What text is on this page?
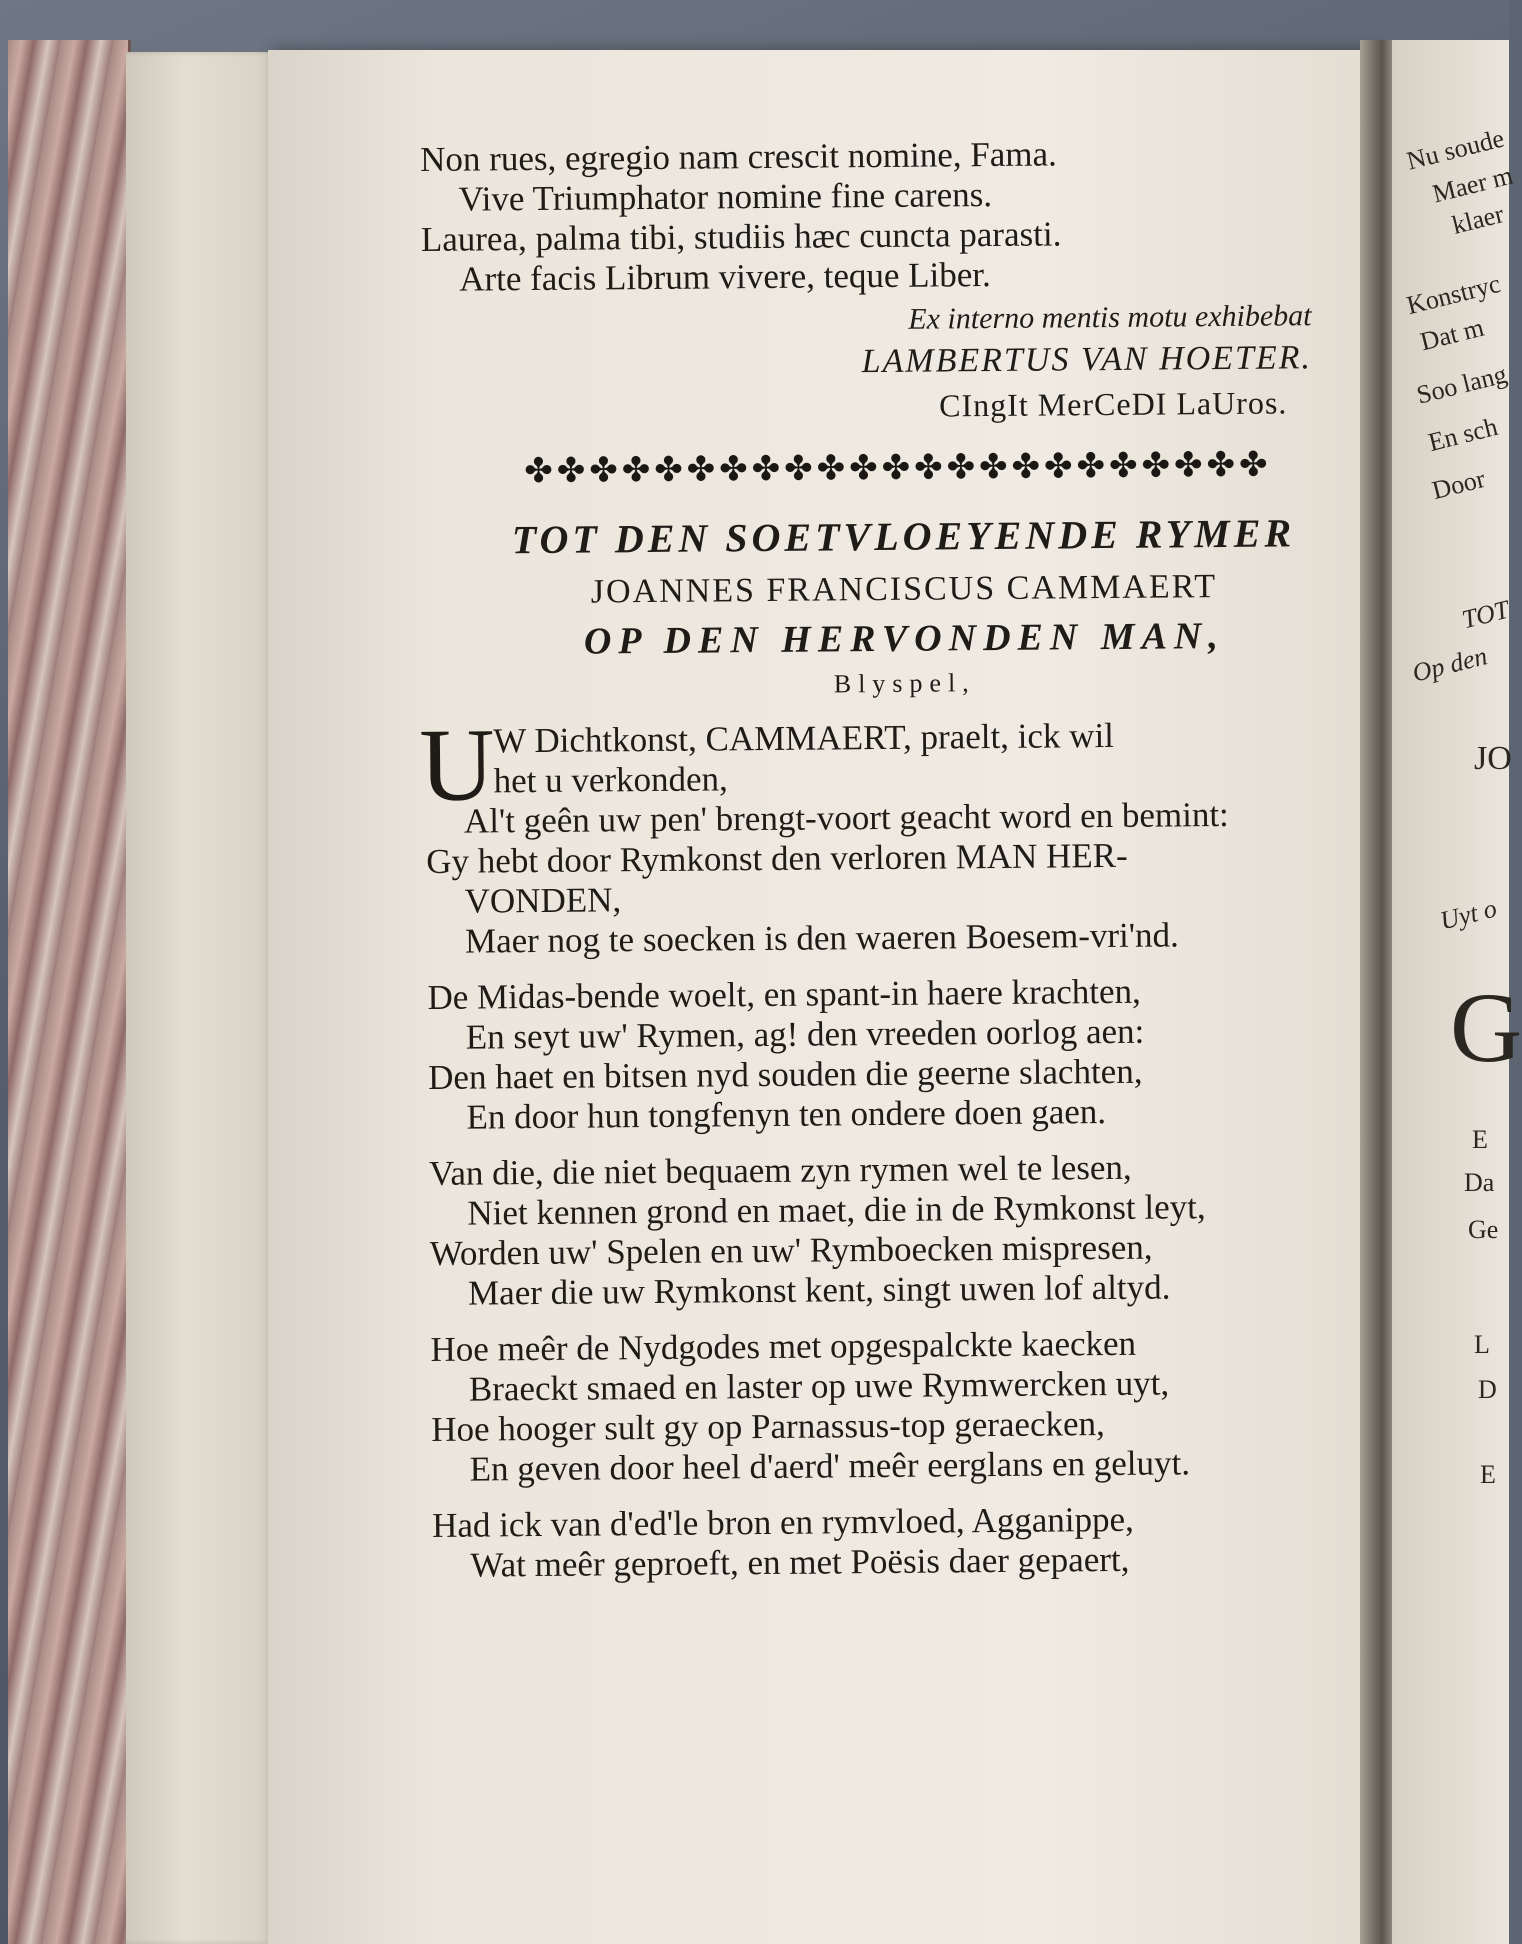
Nu soude
Maer m
klaer
Konstryc
Dat m
Soo lang
En sch
Door
TOT
Op den
JO
Uyt o
G
E
Da
Ge
L
D
E
Non rues, egregio nam crescit nomine, Fama.
Vive Triumphator nomine fine carens.
Laurea, palma tibi, studiis hæc cuncta parasti.
Arte facis Librum vivere, teque Liber.
Ex interno mentis motu exhibebat
LAMBERTUS VAN HOETER.
CIngIt MerCeDI LaUros.
✤✤✤✤✤✤✤✤✤✤✤✤✤✤✤✤✤✤✤✤✤✤✤
TOT DEN SOETVLOEYENDE RYMER
JOANNES FRANCISCUS CAMMAERT
OP DEN HERVONDEN MAN,
Blyspel,
U
W Dichtkonst, CAMMAERT, praelt, ick wil
het u verkonden,
Al't geên uw pen' brengt-voort geacht word en bemint:
Gy hebt door Rymkonst den verloren MAN HER-
VONDEN,
Maer nog te soecken is den waeren Boesem-vri'nd.
De Midas-bende woelt, en spant-in haere krachten,
En seyt uw' Rymen, ag! den vreeden oorlog aen:
Den haet en bitsen nyd souden die geerne slachten,
En door hun tongfenyn ten ondere doen gaen.
Van die, die niet bequaem zyn rymen wel te lesen,
Niet kennen grond en maet, die in de Rymkonst leyt,
Worden uw' Spelen en uw' Rymboecken mispresen,
Maer die uw Rymkonst kent, singt uwen lof altyd.
Hoe meêr de Nydgodes met opgespalckte kaecken
Braeckt smaed en laster op uwe Rymwercken uyt,
Hoe hooger sult gy op Parnassus-top geraecken,
En geven door heel d'aerd' meêr eerglans en geluyt.
Had ick van d'ed'le bron en rymvloed, Agganippe,
Wat meêr geproeft, en met Poësis daer gepaert,
